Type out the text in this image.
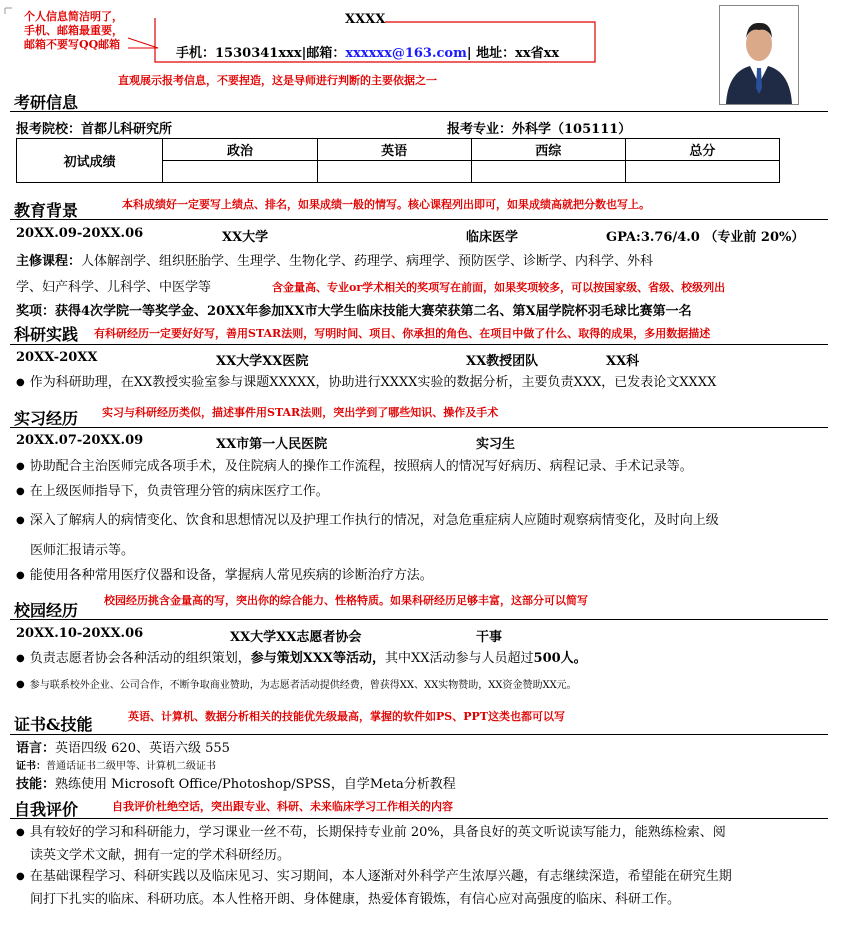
个人信息简洁明了，
手机、邮箱最重要，
邮箱不要写QQ邮箱
XXXX
手机：1530341xxx|邮箱：xxxxxx@163.com| 地址：xx省xx
直观展示报考信息，不要捏造，这是导师进行判断的主要依据之一
考研信息
报考院校：首都儿科研究所	报考专业：外科学（105111）
初试成绩	政治	英语	西综	总分

教育背景	本科成绩好一定要写上绩点、排名，如果成绩一般的情写。核心课程列出即可，如果成绩高就把分数也写上。
20XX.09-20XX.06	XX大学	临床医学	GPA:3.76/4.0 （专业前 20%）
主修课程：人体解剖学、组织胚胎学、生理学、生物化学、药理学、病理学、预防医学、诊断学、内科学、外科
学、妇产科学、儿科学、中医学等	含金量高、专业or学术相关的奖项写在前面，如果奖项较多，可以按国家级、省级、校级列出
奖项：获得4次学院一等奖学金、20XX年参加XX市大学生临床技能大赛荣获第二名、第X届学院杯羽毛球比赛第一名
科研实践 有科研经历一定要好好写，善用STAR法则，写明时间、项目、你承担的角色、在项目中做了什么、取得的成果，多用数据描述
20XX-20XX	XX大学XX医院	XX教授团队	XX科
● 作为科研助理，在XX教授实验室参与课题XXXXX，协助进行XXXX实验的数据分析，主要负责XXX，已发表论文XXXX
实习经历 实习与科研经历类似，描述事件用STAR法则，突出学到了哪些知识、操作及手术
20XX.07-20XX.09	XX市第一人民医院	实习生
● 协助配合主治医师完成各项手术，及住院病人的操作工作流程，按照病人的情况写好病历、病程记录、手术记录等。
● 在上级医师指导下，负责管理分管的病床医疗工作。
● 深入了解病人的病情变化、饮食和思想情况以及护理工作执行的情况，对急危重症病人应随时观察病情变化，及时向上级
医师汇报请示等。
● 能使用各种常用医疗仪器和设备，掌握病人常见疾病的诊断治疗方法。
校园经历
校园经历挑含金量高的写，突出你的综合能力、性格特质。如果科研经历足够丰富，这部分可以简写
20XX.10-20XX.06	XX大学XX志愿者协会	干事
● 负责志愿者协会各种活动的组织策划，参与策划XXX等活动，其中XX活动参与人员超过500人。
● 参与联系校外企业、公司合作，不断争取商业赞助，为志愿者活动提供经费，曾获得XX、XX实物赞助，XX资金赞助XX元。
证书&技能	英语、计算机、数据分析相关的技能优先级最高，掌握的软件如PS、PPT这类也都可以写
语言：英语四级 620、英语六级 555
证书：普通话证书二级甲等、计算机二级证书
技能：熟练使用 Microsoft Office/Photoshop/SPSS，自学Meta分析教程
自我评价	自我评价杜绝空话，突出跟专业、科研、未来临床学习工作相关的内容
● 具有较好的学习和科研能力，学习课业一丝不苟，长期保持专业前 20%，具备良好的英文听说读写能力，能熟练检索、阅
读英文学术文献，拥有一定的学术科研经历。
● 在基础课程学习、科研实践以及临床见习、实习期间，本人逐渐对外科学产生浓厚兴趣，有志继续深造，希望能在研究生期
间打下扎实的临床、科研功底。本人性格开朗、身体健康，热爱体育锻炼，有信心应对高强度的临床、科研工作。
